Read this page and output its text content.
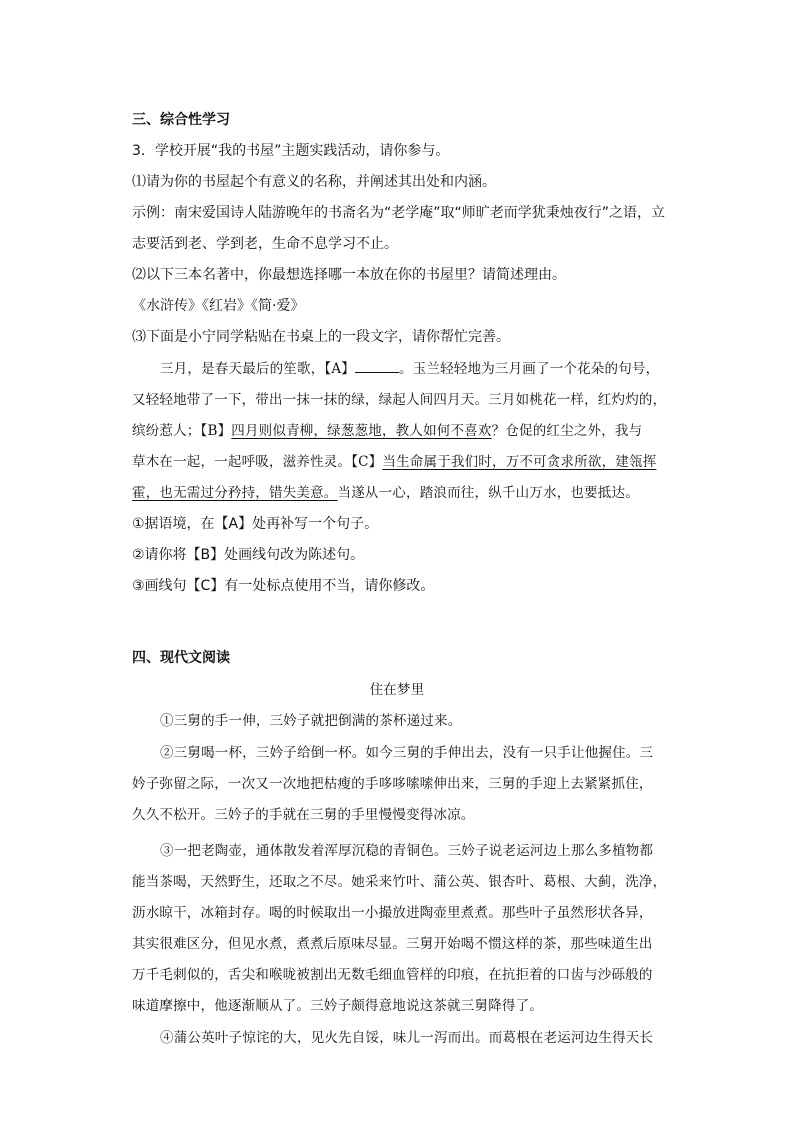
三、综合性学习
3．学校开展“我的书屋”主题实践活动，请你参与。
⑴请为你的书屋起个有意义的名称，并阐述其出处和内涵。
示例：南宋爱国诗人陆游晚年的书斋名为“老学庵”取“师旷老而学犹秉烛夜行”之语，立
志要活到老、学到老，生命不息学习不止。
⑵以下三本名著中，你最想选择哪一本放在你的书屋里？请简述理由。
《水浒传》《红岩》《简·爱》
⑶下面是小宁同学粘贴在书桌上的一段文字，请你帮忙完善。
三月，是春天最后的笙歌，【A】	。玉兰轻轻地为三月画了一个花朵的句号，
又轻轻地带了一下，带出一抹一抹的绿，绿起人间四月天。三月如桃花一样，红灼灼的，
缤纷惹人；【B】四月则似青柳，绿葱葱地，教人如何不喜欢？仓促的红尘之外，我与
草木在一起，一起呼吸，滋养性灵。【C】当生命属于我们时，万不可贪求所欲，建瓴挥
霍，也无需过分矜持，错失美意。当遂从一心，踏浪而往，纵千山万水，也要抵达。
①据语境，在【A】处再补写一个句子。
②请你将【B】处画线句改为陈述句。
③画线句【C】有一处标点使用不当，请你修改。
四、现代文阅读
住在梦里
①三舅的手一伸，三妗子就把倒满的茶杯递过来。
②三舅喝一杯，三妗子给倒一杯。如今三舅的手伸出去，没有一只手让他握住。三
妗子弥留之际，一次又一次地把枯瘦的手哆哆嗦嗦伸出来，三舅的手迎上去紧紧抓住，
久久不松开。三妗子的手就在三舅的手里慢慢变得冰凉。
③一把老陶壶，通体散发着浑厚沉稳的青铜色。三妗子说老运河边上那么多植物都
能当茶喝，天然野生，还取之不尽。她采来竹叶、蒲公英、银杏叶、葛根、大蓟，洗净，
沥水晾干，冰箱封存。喝的时候取出一小撮放进陶壶里煮煮。那些叶子虽然形状各异，
其实很难区分，但见水煮，煮煮后原味尽显。三舅开始喝不惯这样的茶，那些味道生出
万千毛刺似的，舌尖和喉咙被割出无数毛细血管样的印痕，在抗拒着的口齿与沙砾般的
味道摩擦中，他逐渐顺从了。三妗子颇得意地说这茶就三舅降得了。
④蒲公英叶子惊诧的大，见火先自馁，味儿一泻而出。而葛根在老运河边生得天长
